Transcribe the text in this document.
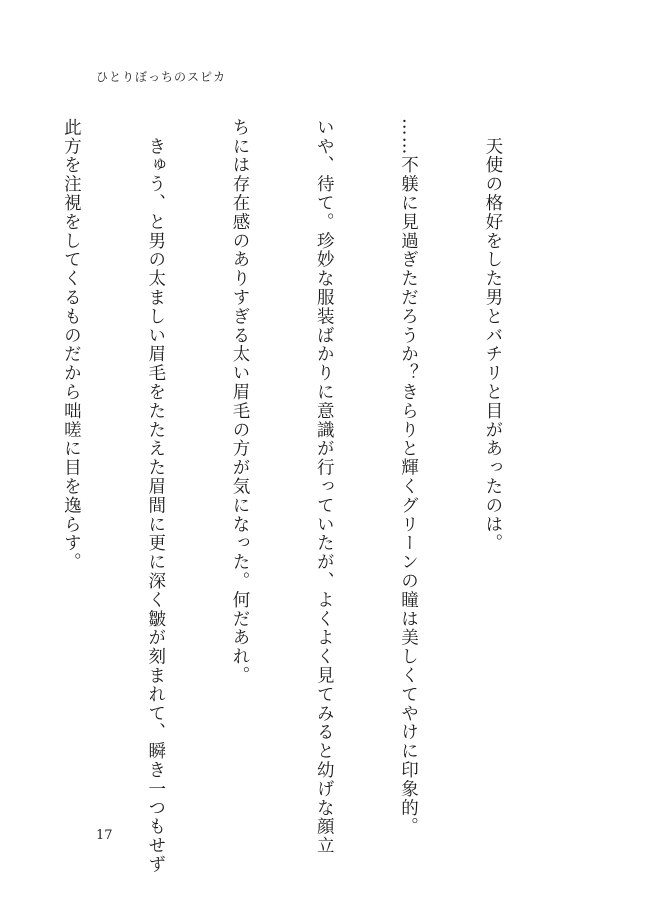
ひとりぼっちのスピカ

　天使の格好をした男とバチリと目があったのは。

……不躾に見過ぎただろうか？きらりと輝くグリーンの瞳は美しくてやけに印象的。

いや、待て。珍妙な服装ばかりに意識が行っていたが、よくよく見てみると幼げな顔立

ちには存在感のありすぎる太い眉毛の方が気になった。何だあれ。

　きゅう、と男の太ましい眉毛をたたえた眉間に更に深く皺が刻まれて、瞬き一つもせず

此方を注視をしてくるものだから咄嗟に目を逸らす。

17
